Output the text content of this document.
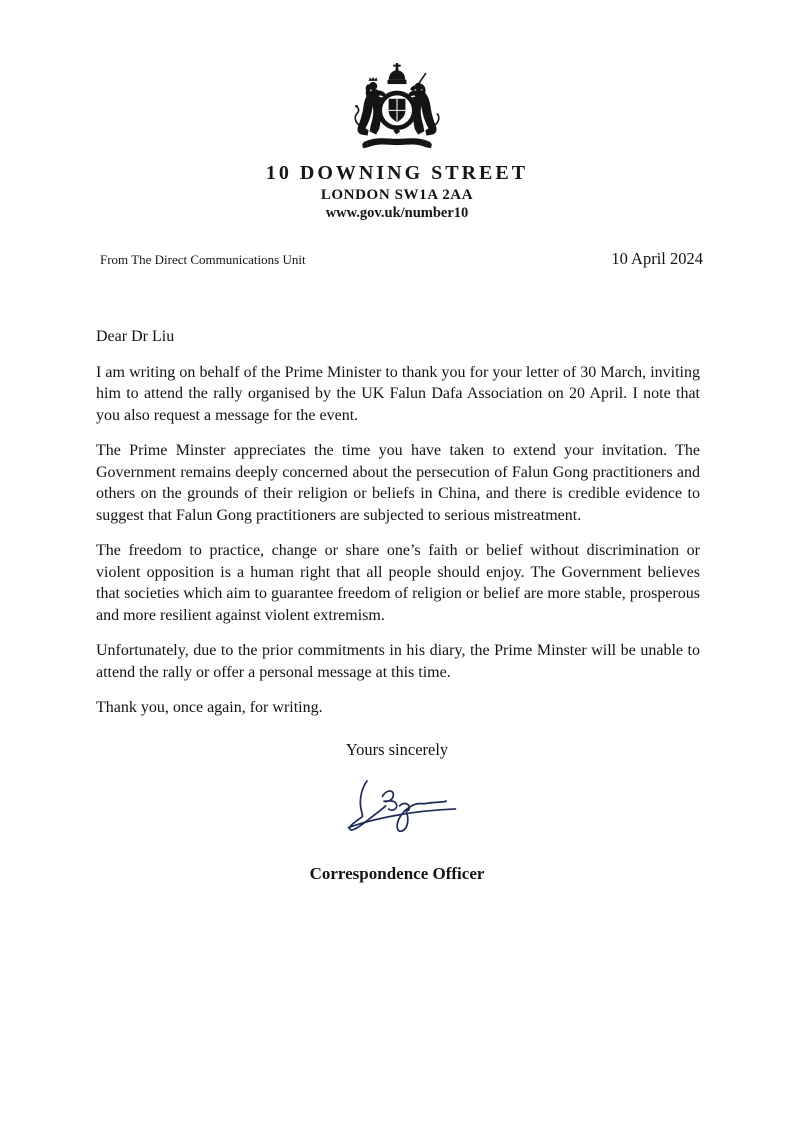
10 DOWNING STREET
LONDON SW1A 2AA
www.gov.uk/number10
From The Direct Communications Unit	10 April 2024

Dear Dr Liu

I am writing on behalf of the Prime Minister to thank you for your letter of 30 March, inviting him to attend the rally organised by the UK Falun Dafa Association on 20 April. I note that you also request a message for the event.

The Prime Minster appreciates the time you have taken to extend your invitation. The Government remains deeply concerned about the persecution of Falun Gong practitioners and others on the grounds of their religion or beliefs in China, and there is credible evidence to suggest that Falun Gong practitioners are subjected to serious mistreatment.

The freedom to practice, change or share one’s faith or belief without discrimination or violent opposition is a human right that all people should enjoy. The Government believes that societies which aim to guarantee freedom of religion or belief are more stable, prosperous and more resilient against violent extremism.

Unfortunately, due to the prior commitments in his diary, the Prime Minster will be unable to attend the rally or offer a personal message at this time.

Thank you, once again, for writing.

Yours sincerely
Correspondence Officer
